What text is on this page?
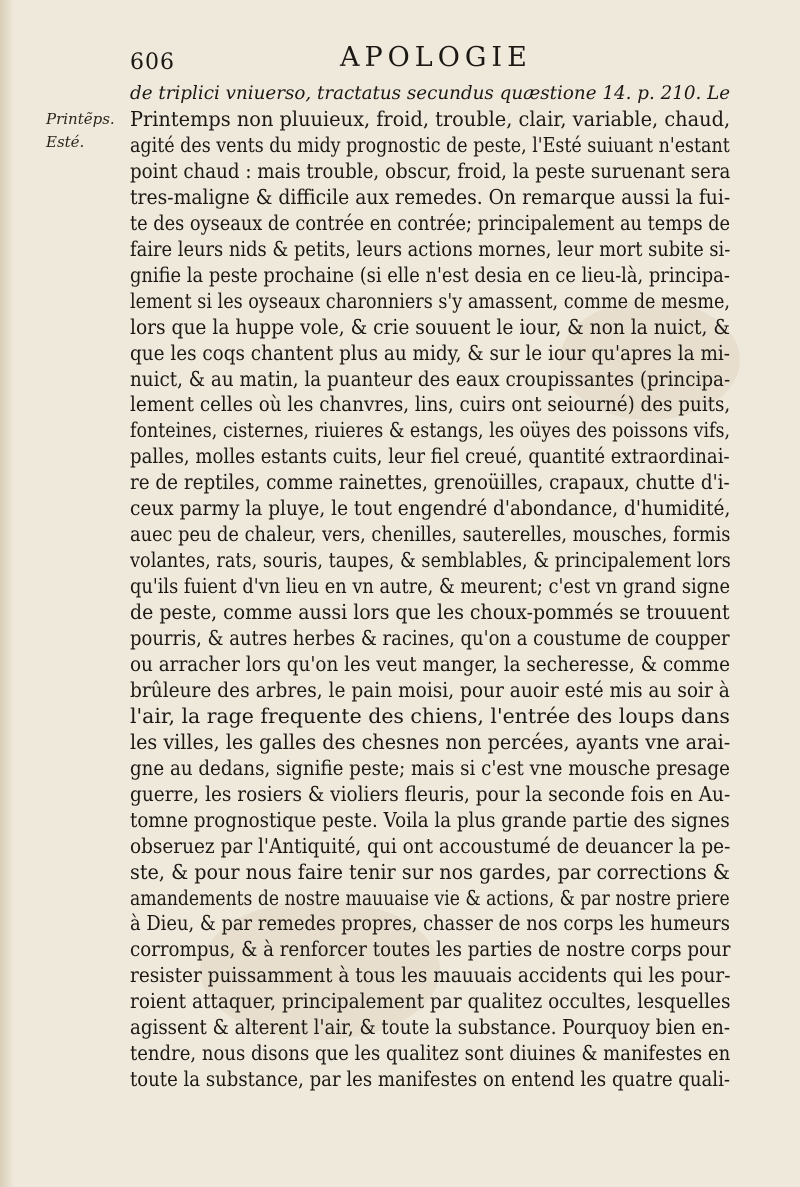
606	APOLOGIE
Printẽps.
Esté.
de triplici vniuerso, tractatus secundus quæstione 14. p. 210. Le
Printemps non pluuieux, froid, trouble, clair, variable, chaud,
agité des vents du midy prognostic de peste, l'Esté suiuant n'estant
point chaud : mais trouble, obscur, froid, la peste suruenant sera
tres-maligne & difficile aux remedes. On remarque aussi la fui-
te des oyseaux de contrée en contrée; principalement au temps de
faire leurs nids & petits, leurs actions mornes, leur mort subite si-
gnifie la peste prochaine (si elle n'est desia en ce lieu-là, principa-
lement si les oyseaux charonniers s'y amassent, comme de mesme,
lors que la huppe vole, & crie souuent le iour, & non la nuict, &
que les coqs chantent plus au midy, & sur le iour qu'apres la mi-
nuict, & au matin, la puanteur des eaux croupissantes (principa-
lement celles où les chanvres, lins, cuirs ont seiourné) des puits,
fonteines, cisternes, riuieres & estangs, les oüyes des poissons vifs,
palles, molles estants cuits, leur fiel creué, quantité extraordinai-
re de reptiles, comme rainettes, grenoüilles, crapaux, chutte d'i-
ceux parmy la pluye, le tout engendré d'abondance, d'humidité,
auec peu de chaleur, vers, chenilles, sauterelles, mousches, formis
volantes, rats, souris, taupes, & semblables, & principalement lors
qu'ils fuient d'vn lieu en vn autre, & meurent; c'est vn grand signe
de peste, comme aussi lors que les choux-pommés se trouuent
pourris, & autres herbes & racines, qu'on a coustume de coupper
ou arracher lors qu'on les veut manger, la secheresse, & comme
brûleure des arbres, le pain moisi, pour auoir esté mis au soir à
l'air, la rage frequente des chiens, l'entrée des loups dans
les villes, les galles des chesnes non percées, ayants vne arai-
gne au dedans, signifie peste; mais si c'est vne mousche presage
guerre, les rosiers & violiers fleuris, pour la seconde fois en Au-
tomne prognostique peste. Voila la plus grande partie des signes
obseruez par l'Antiquité, qui ont accoustumé de deuancer la pe-
ste, & pour nous faire tenir sur nos gardes, par corrections &
amandements de nostre mauuaise vie & actions, & par nostre priere
à Dieu, & par remedes propres, chasser de nos corps les humeurs
corrompus, & à renforcer toutes les parties de nostre corps pour
resister puissamment à tous les mauuais accidents qui les pour-
roient attaquer, principalement par qualitez occultes, lesquelles
agissent & alterent l'air, & toute la substance. Pourquoy bien en-
tendre, nous disons que les qualitez sont diuines & manifestes en
toute la substance, par les manifestes on entend les quatre quali-
